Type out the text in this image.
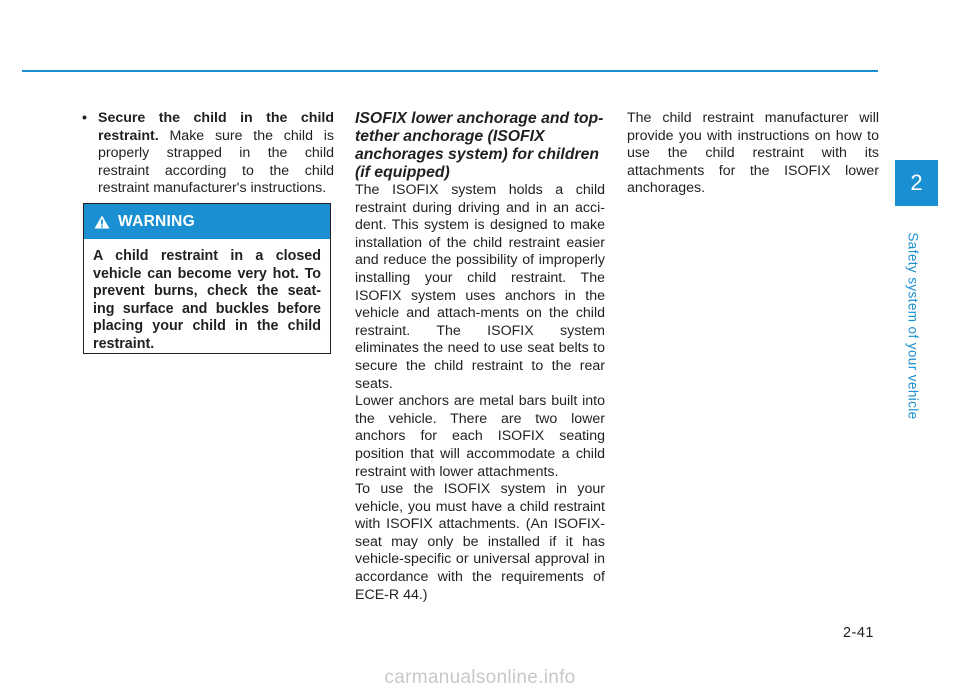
• Secure the child in the child restraint. Make sure the child is properly strapped in the child restraint according to the child restraint manufacturer's instructions.
WARNING
A child restraint in a closed vehicle can become very hot. To prevent burns, check the seat-ing surface and buckles before placing your child in the child restraint.

ISOFIX lower anchorage and top-tether anchorage (ISOFIX anchorages system) for children (if equipped)

The ISOFIX system holds a child restraint during driving and in an acci-dent. This system is designed to make installation of the child restraint easier and reduce the possibility of improperly installing your child restraint. The ISOFIX system uses anchors in the vehicle and attach-ments on the child restraint. The ISOFIX system eliminates the need to use seat belts to secure the child restraint to the rear seats.

Lower anchors are metal bars built into the vehicle. There are two lower anchors for each ISOFIX seating position that will accommodate a child restraint with lower attachments.

To use the ISOFIX system in your vehicle, you must have a child restraint with ISOFIX attachments. (An ISOFIX-seat may only be installed if it has vehicle-specific or universal approval in accordance with the requirements of ECE-R 44.)

The child restraint manufacturer will provide you with instructions on how to use the child restraint with its attachments for the ISOFIX lower anchorages.	2
Safety system of your vehicle
2-41
carmanualsonline.info
